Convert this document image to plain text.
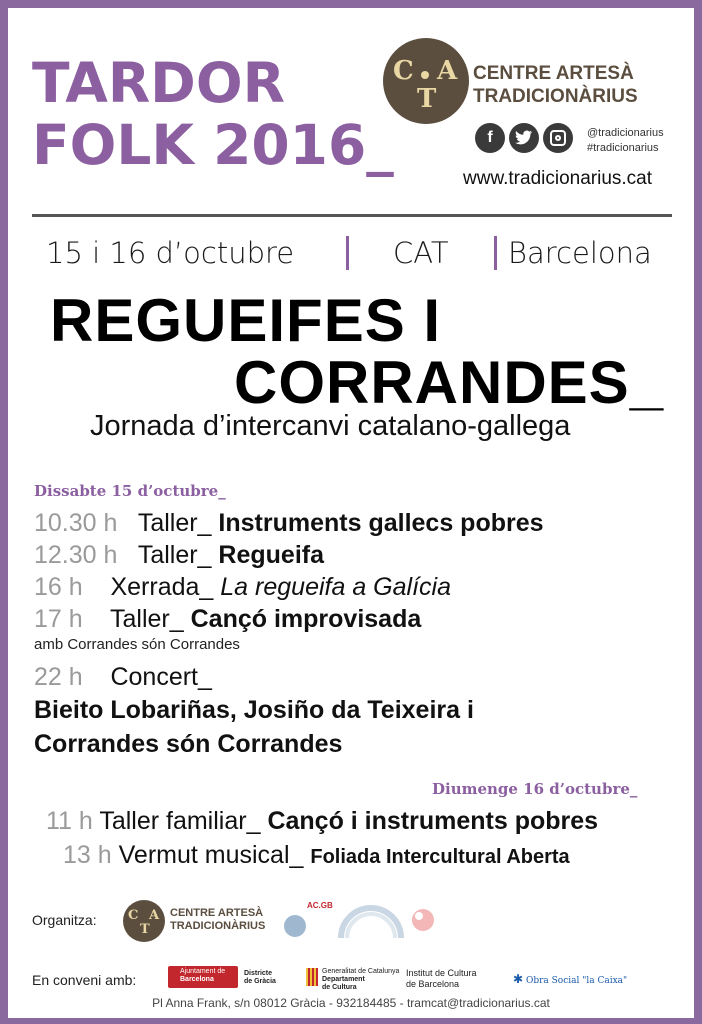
TARDOR
FOLK 2016_
C A
T
CENTRE ARTESÀ
TRADICIONÀRIUS
f	@tradicionarius
#tradicionarius
www.tradicionarius.cat
15 i 16 d’octubre	CAT Barcelona
REGUEIFES I
CORRANDES_
Jornada d’intercanvi catalano-gallega
Dissabte 15 d’octubre_
10.30 h Taller_ Instruments gallecs pobres
12.30 h Taller_ Regueifa
16 h Xerrada_ La regueifa a Galícia
17 h Taller_ Cançó improvisada
amb Corrandes són Corrandes
22 h Concert_
Bieito Lobariñas, Josiño da Teixeira i
Corrandes són Corrandes
Diumenge 16 d’octubre_
11 h Taller familiar_ Cançó i instruments pobres
13 h Vermut musical_ Foliada Intercultural Aberta
Organitza: C A
T
CENTRE ARTESÀ
TRADICIONÀRIUS
AC.GB
En conveni amb:
Ajuntament de
Barcelona
Districte
de Gràcia
Generalitat de Catalunya
Departament
de Cultura
Institut de Cultura
de Barcelona	✱ Obra Social "la Caixa"
Pl Anna Frank, s/n 08012 Gràcia - 932184485 - tramcat@tradicionarius.cat
